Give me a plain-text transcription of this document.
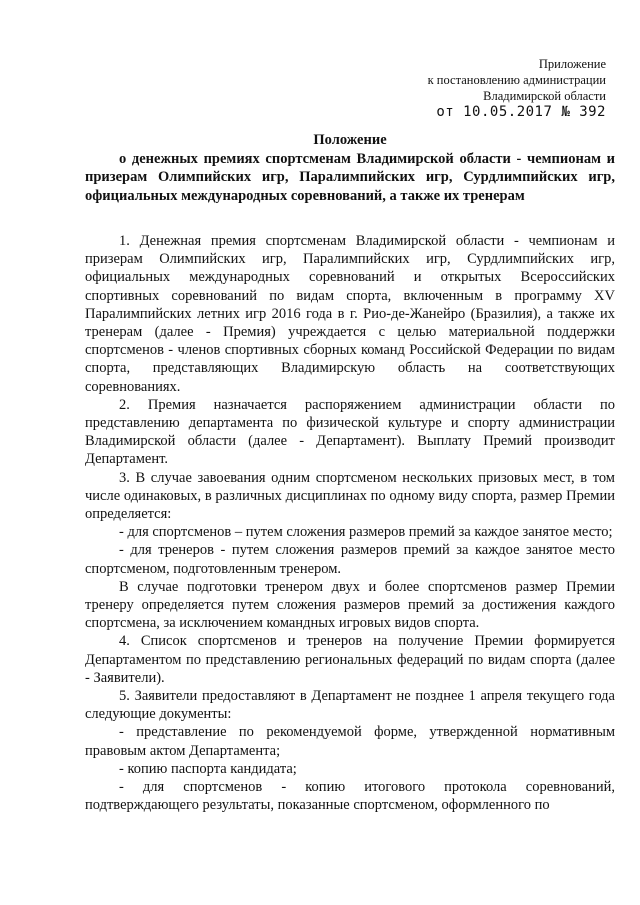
Приложение
к постановлению администрации
Владимирской области
от 10.05.2017 № 392
Положение
о денежных премиях спортсменам Владимирской области - чемпионам и призерам Олимпийских игр, Паралимпийских игр, Сурдлимпийских игр, официальных международных соревнований, а также их тренерам

1. Денежная премия спортсменам Владимирской области - чемпионам и призерам Олимпийских игр, Паралимпийских игр, Сурдлимпийских игр, официальных международных соревнований и открытых Всероссийских спортивных соревнований по видам спорта, включенным в программу XV Паралимпийских летних игр 2016 года в г. Рио-де-Жанейро (Бразилия), а также их тренерам (далее - Премия) учреждается с целью материальной поддержки спортсменов - членов спортивных сборных команд Российской Федерации по видам спорта, представляющих Владимирскую область на соответствующих соревнованиях.

2. Премия назначается распоряжением администрации области по представлению департамента по физической культуре и спорту администрации Владимирской области (далее - Департамент). Выплату Премий производит Департамент.

3. В случае завоевания одним спортсменом нескольких призовых мест, в том числе одинаковых, в различных дисциплинах по одному виду спорта, размер Премии определяется:

- для спортсменов – путем сложения размеров премий за каждое занятое место;

- для тренеров - путем сложения размеров премий за каждое занятое место спортсменом, подготовленным тренером.

В случае подготовки тренером двух и более спортсменов размер Премии тренеру определяется путем сложения размеров премий за достижения каждого спортсмена, за исключением командных игровых видов спорта.

4. Список спортсменов и тренеров на получение Премии формируется Департаментом по представлению региональных федераций по видам спорта (далее - Заявители).

5. Заявители предоставляют в Департамент не позднее 1 апреля текущего года следующие документы:

- представление по рекомендуемой форме, утвержденной нормативным правовым актом Департамента;

- копию паспорта кандидата;

- для спортсменов - копию итогового протокола соревнований, подтверждающего результаты, показанные спортсменом, оформленного по
